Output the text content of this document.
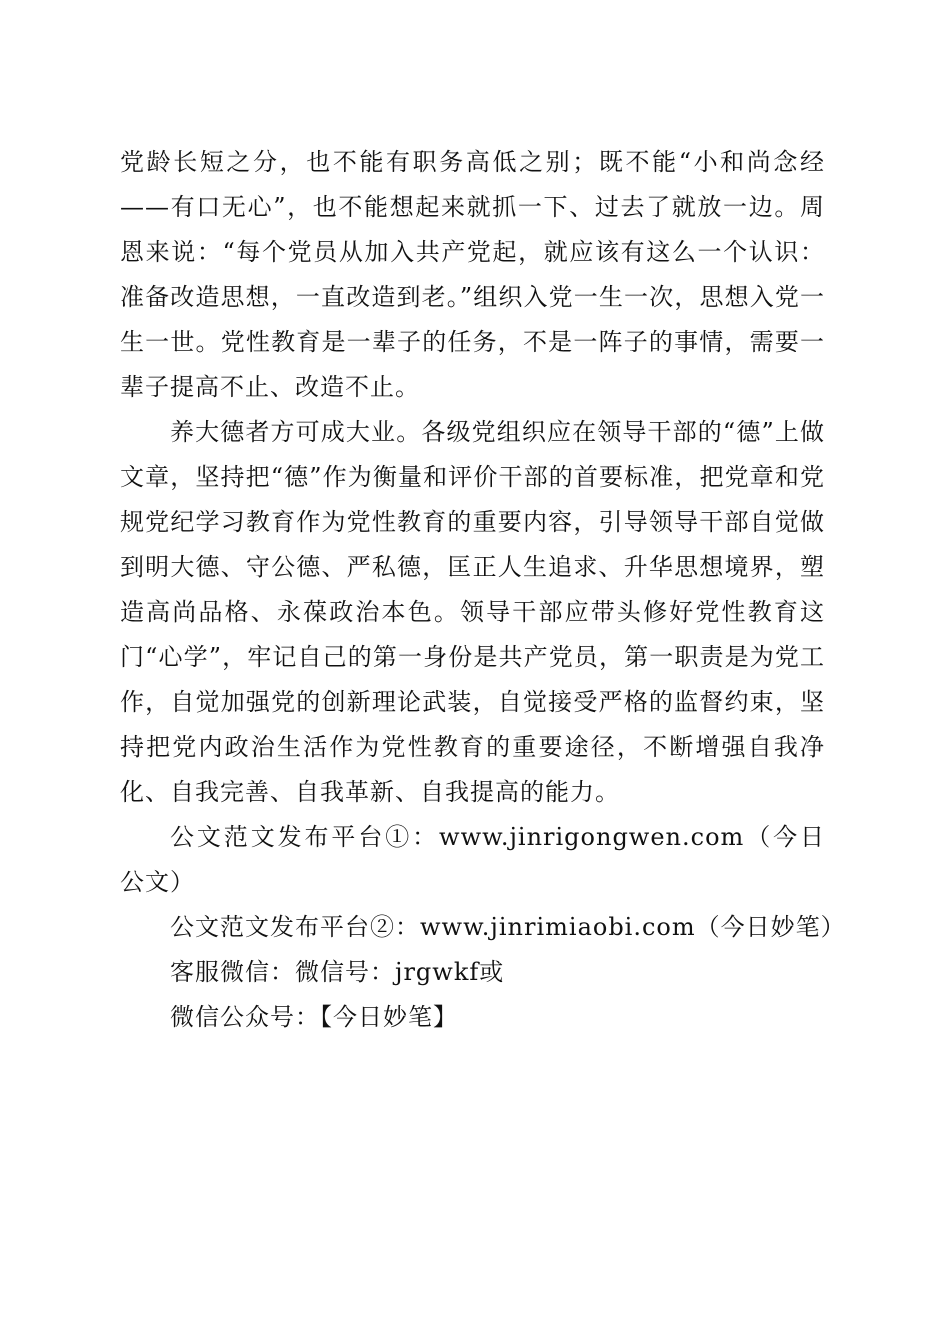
党龄长短之分，也不能有职务高低之别；既不能“小和尚念经——有口无心”，也不能想起来就抓一下、过去了就放一边。周恩来说：“每个党员从加入共产党起，就应该有这么一个认识：准备改造思想，一直改造到老。”组织入党一生一次，思想入党一生一世。党性教育是一辈子的任务，不是一阵子的事情，需要一辈子提高不止、改造不止。

养大德者方可成大业。各级党组织应在领导干部的“德”上做文章，坚持把“德”作为衡量和评价干部的首要标准，把党章和党规党纪学习教育作为党性教育的重要内容，引导领导干部自觉做到明大德、守公德、严私德，匡正人生追求、升华思想境界，塑造高尚品格、永葆政治本色。领导干部应带头修好党性教育这门“心学”，牢记自己的第一身份是共产党员，第一职责是为党工作，自觉加强党的创新理论武装，自觉接受严格的监督约束，坚持把党内政治生活作为党性教育的重要途径，不断增强自我净化、自我完善、自我革新、自我提高的能力。

公文范文发布平台①：www.jinrigongwen.com（今日公文）

公文范文发布平台②：www.jinrimiaobi.com（今日妙笔）

客服微信：微信号：jrgwkf或

微信公众号：【今日妙笔】
